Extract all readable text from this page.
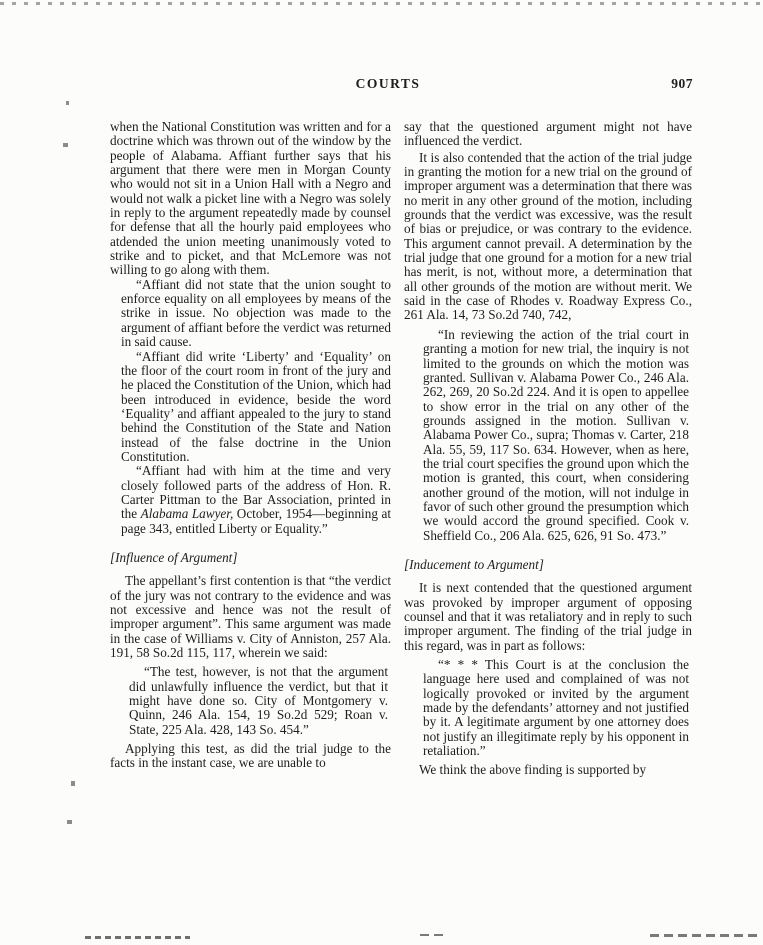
COURTS	907

when the National Constitution was written and for a doctrine which was thrown out of the window by the people of Alabama. Affiant further says that his argument that there were men in Morgan County who would not sit in a Union Hall with a Negro and would not walk a picket line with a Negro was solely in reply to the argument repeatedly made by counsel for defense that all the hourly paid employees who atdended the union meeting unanimously voted to strike and to picket, and that McLemore was not willing to go along with them.

“Affiant did not state that the union sought to enforce equality on all employees by means of the strike in issue. No objection was made to the argument of affiant before the verdict was returned in said cause.

“Affiant did write ‘Liberty’ and ‘Equality’ on the floor of the court room in front of the jury and he placed the Constitution of the Union, which had been introduced in evidence, beside the word ‘Equality’ and affiant appealed to the jury to stand behind the Constitution of the State and Nation instead of the false doctrine in the Union Constitution.

“Affiant had with him at the time and very closely followed parts of the address of Hon. R. Carter Pittman to the Bar Association, printed in the Alabama Lawyer, October, 1954—beginning at page 343, entitled Liberty or Equality.”

[Influence of Argument]

The appellant’s first contention is that “the verdict of the jury was not contrary to the evidence and was not excessive and hence was not the result of improper argument”. This same argument was made in the case of Williams v. City of Anniston, 257 Ala. 191, 58 So.2d 115, 117, wherein we said:

“The test, however, is not that the argument did unlawfully influence the verdict, but that it might have done so. City of Montgomery v. Quinn, 246 Ala. 154, 19 So.2d 529; Roan v. State, 225 Ala. 428, 143 So. 454.”

Applying this test, as did the trial judge to the facts in the instant case, we are unable to

say that the questioned argument might not have influenced the verdict.

It is also contended that the action of the trial judge in granting the motion for a new trial on the ground of improper argument was a determination that there was no merit in any other ground of the motion, including grounds that the verdict was excessive, was the result of bias or prejudice, or was contrary to the evidence. This argument cannot prevail. A determination by the trial judge that one ground for a motion for a new trial has merit, is not, without more, a determination that all other grounds of the motion are without merit. We said in the case of Rhodes v. Roadway Express Co., 261 Ala. 14, 73 So.2d 740, 742,

“In reviewing the action of the trial court in granting a motion for new trial, the inquiry is not limited to the grounds on which the motion was granted. Sullivan v. Alabama Power Co., 246 Ala. 262, 269, 20 So.2d 224. And it is open to appellee to show error in the trial on any other of the grounds assigned in the motion. Sullivan v. Alabama Power Co., supra; Thomas v. Carter, 218 Ala. 55, 59, 117 So. 634. However, when as here, the trial court specifies the ground upon which the motion is granted, this court, when considering another ground of the motion, will not indulge in favor of such other ground the presumption which we would accord the ground specified. Cook v. Sheffield Co., 206 Ala. 625, 626, 91 So. 473.”

[Inducement to Argument]

It is next contended that the questioned argument was provoked by improper argument of opposing counsel and that it was retaliatory and in reply to such improper argument. The finding of the trial judge in this regard, was in part as follows:

“* * * This Court is at the conclusion the language here used and complained of was not logically provoked or invited by the argument made by the defendants’ attorney and not justified by it. A legitimate argument by one attorney does not justify an illegitimate reply by his opponent in retaliation.”

We think the above finding is supported by
